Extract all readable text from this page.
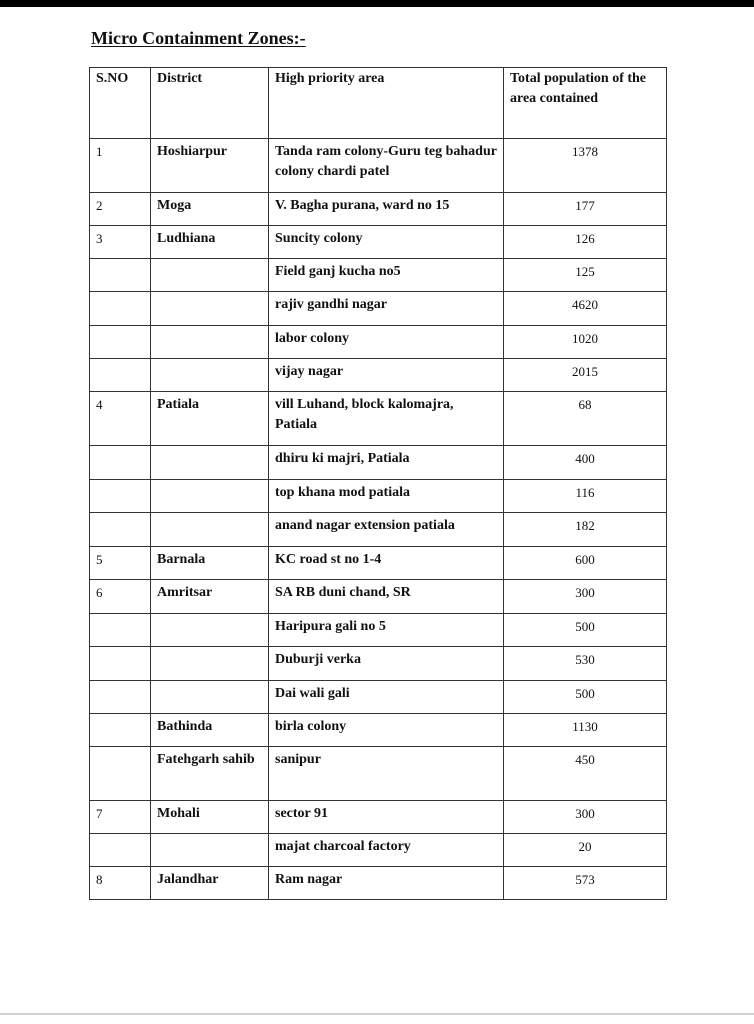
Micro Containment Zones:-
S.NO	District	High priority area	Total population of the area contained
1	Hoshiarpur	Tanda ram colony-Guru teg bahadur colony chardi patel	1378
2	Moga	V. Bagha purana, ward no 15	177
3	Ludhiana	Suncity colony	126
		Field ganj kucha no5	125
		rajiv gandhi nagar	4620
		labor colony	1020
		vijay nagar	2015
4	Patiala	vill Luhand, block kalomajra, Patiala	68
		dhiru ki majri, Patiala	400
		top khana mod patiala	116
		anand nagar extension patiala	182
5	Barnala	KC road st no 1-4	600
6	Amritsar	SA RB duni chand, SR	300
		Haripura gali no 5	500
		Duburji verka	530
		Dai wali gali	500
	Bathinda	birla colony	1130
	Fatehgarh sahib	sanipur	450
7	Mohali	sector 91	300
		majat charcoal factory	20
8	Jalandhar	Ram nagar	573
